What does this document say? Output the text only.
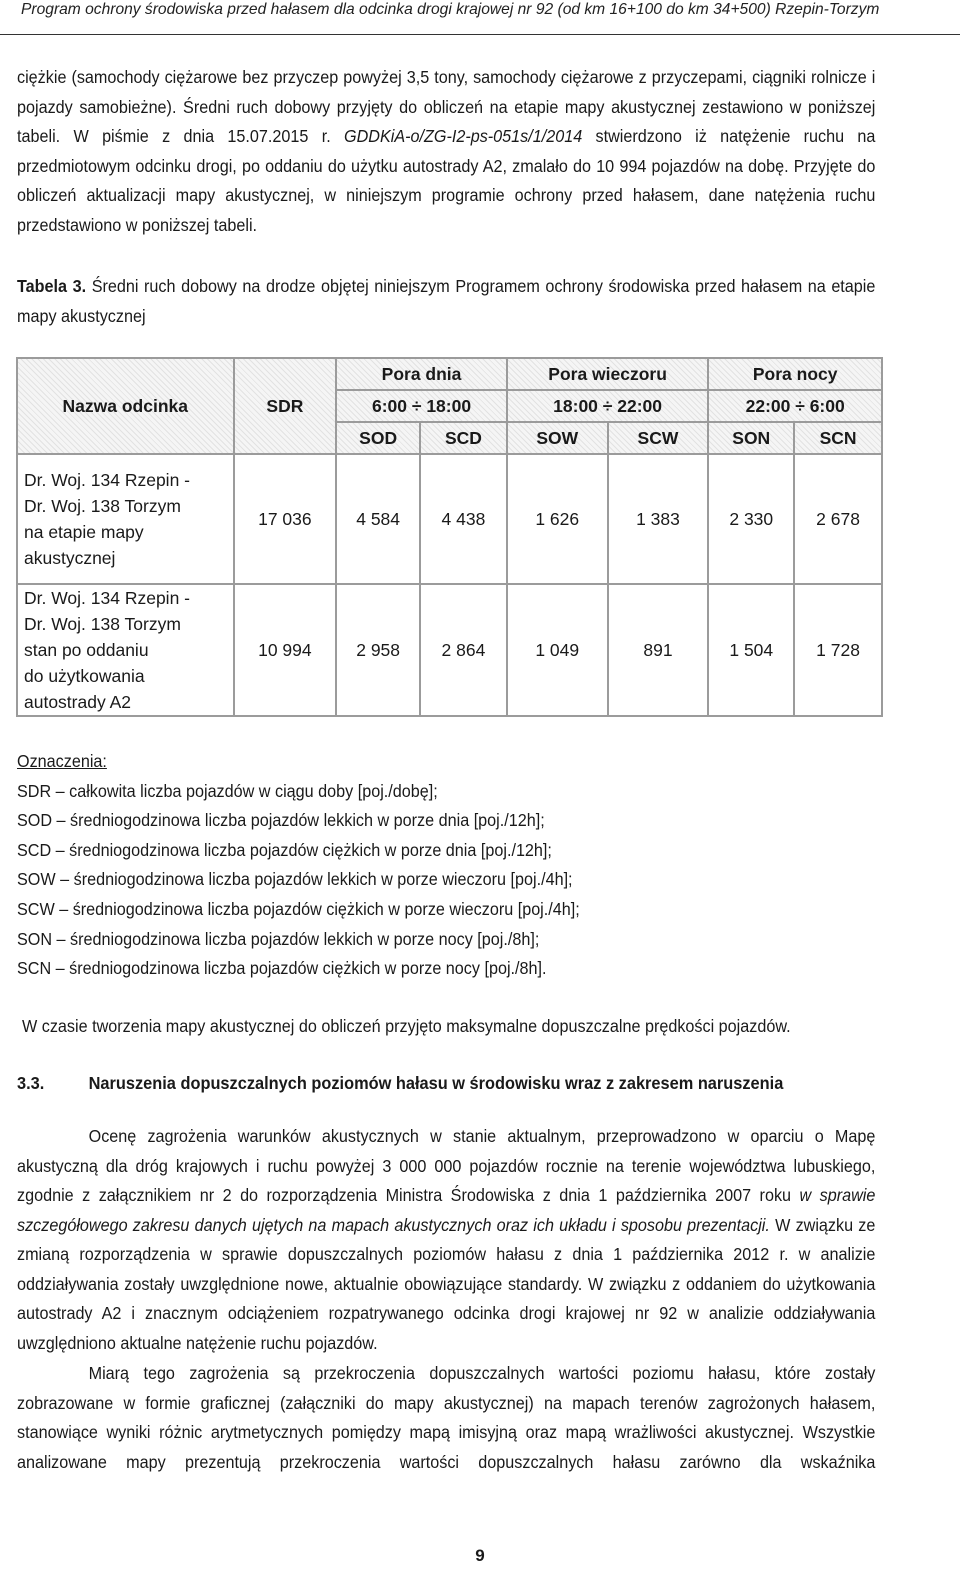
Program ochrony środowiska przed hałasem dla odcinka drogi krajowej nr 92 (od km 16+100 do km 34+500) Rzepin-Torzym

ciężkie (samochody ciężarowe bez przyczep powyżej 3,5 tony, samochody ciężarowe z przyczepami, ciągniki rolnicze i pojazdy samobieżne). Średni ruch dobowy przyjęty do obliczeń na etapie mapy akustycznej zestawiono w poniższej tabeli. W piśmie z dnia 15.07.2015 r. GDDKiA-o/ZG-I2-ps-051s/1/2014 stwierdzono iż natężenie ruchu na przedmiotowym odcinku drogi, po oddaniu do użytku autostrady A2, zmalało do 10 994 pojazdów na dobę. Przyjęte do obliczeń aktualizacji mapy akustycznej, w niniejszym programie ochrony przed hałasem, dane natężenia ruchu przedstawiono w poniższej tabeli.

Tabela 3. Średni ruch dobowy na drodze objętej niniejszym Programem ochrony środowiska przed hałasem na etapie mapy akustycznej

Nazwa odcinka	SDR	Pora dnia		Pora wieczoru		Pora nocy	
		6:00 ÷ 18:00		18:00 ÷ 22:00		22:00 ÷ 6:00	
		SOD	SCD	SOW	SCW	SON	SCN

Dr. Woj. 134 Rzepin -
Dr. Woj. 138 Torzym
na etapie mapy
akustycznej	17 036	4 584	4 438	1 626	1 383	2 330	2 678

Dr. Woj. 134 Rzepin -
Dr. Woj. 138 Torzym
stan po oddaniu
do użytkowania
autostrady A2	10 994	2 958	2 864	1 049	891	1 504	1 728
Oznaczenia:
SDR – całkowita liczba pojazdów w ciągu doby [poj./dobę];
SOD – średniogodzinowa liczba pojazdów lekkich w porze dnia [poj./12h];
SCD – średniogodzinowa liczba pojazdów ciężkich w porze dnia [poj./12h];
SOW – średniogodzinowa liczba pojazdów lekkich w porze wieczoru [poj./4h];
SCW – średniogodzinowa liczba pojazdów ciężkich w porze wieczoru [poj./4h];
SON – średniogodzinowa liczba pojazdów lekkich w porze nocy [poj./8h];
SCN – średniogodzinowa liczba pojazdów ciężkich w porze nocy [poj./8h].

W czasie tworzenia mapy akustycznej do obliczeń przyjęto maksymalne dopuszczalne prędkości pojazdów.

3.3.	Naruszenia dopuszczalnych poziomów hałasu w środowisku wraz z zakresem naruszenia

Ocenę zagrożenia warunków akustycznych w stanie aktualnym, przeprowadzono w oparciu o Mapę akustyczną dla dróg krajowych i ruchu powyżej 3 000 000 pojazdów rocznie na terenie województwa lubuskiego, zgodnie z załącznikiem nr 2 do rozporządzenia Ministra Środowiska z dnia 1 października 2007 roku w sprawie szczegółowego zakresu danych ujętych na mapach akustycznych oraz ich układu i sposobu prezentacji. W związku ze zmianą rozporządzenia w sprawie dopuszczalnych poziomów hałasu z dnia 1 października 2012 r. w analizie oddziaływania zostały uwzględnione nowe, aktualnie obowiązujące standardy. W związku z oddaniem do użytkowania autostrady A2 i znacznym odciążeniem rozpatrywanego odcinka drogi krajowej nr 92 w analizie oddziaływania uwzględniono aktualne natężenie ruchu pojazdów.

Miarą tego zagrożenia są przekroczenia dopuszczalnych wartości poziomu hałasu, które zostały zobrazowane w formie graficznej (załączniki do mapy akustycznej) na mapach terenów zagrożonych hałasem, stanowiące wyniki różnic arytmetycznych pomiędzy mapą imisyjną oraz mapą wrażliwości akustycznej. Wszystkie analizowane mapy prezentują przekroczenia wartości dopuszczalnych hałasu zarówno dla wskaźnika

9
